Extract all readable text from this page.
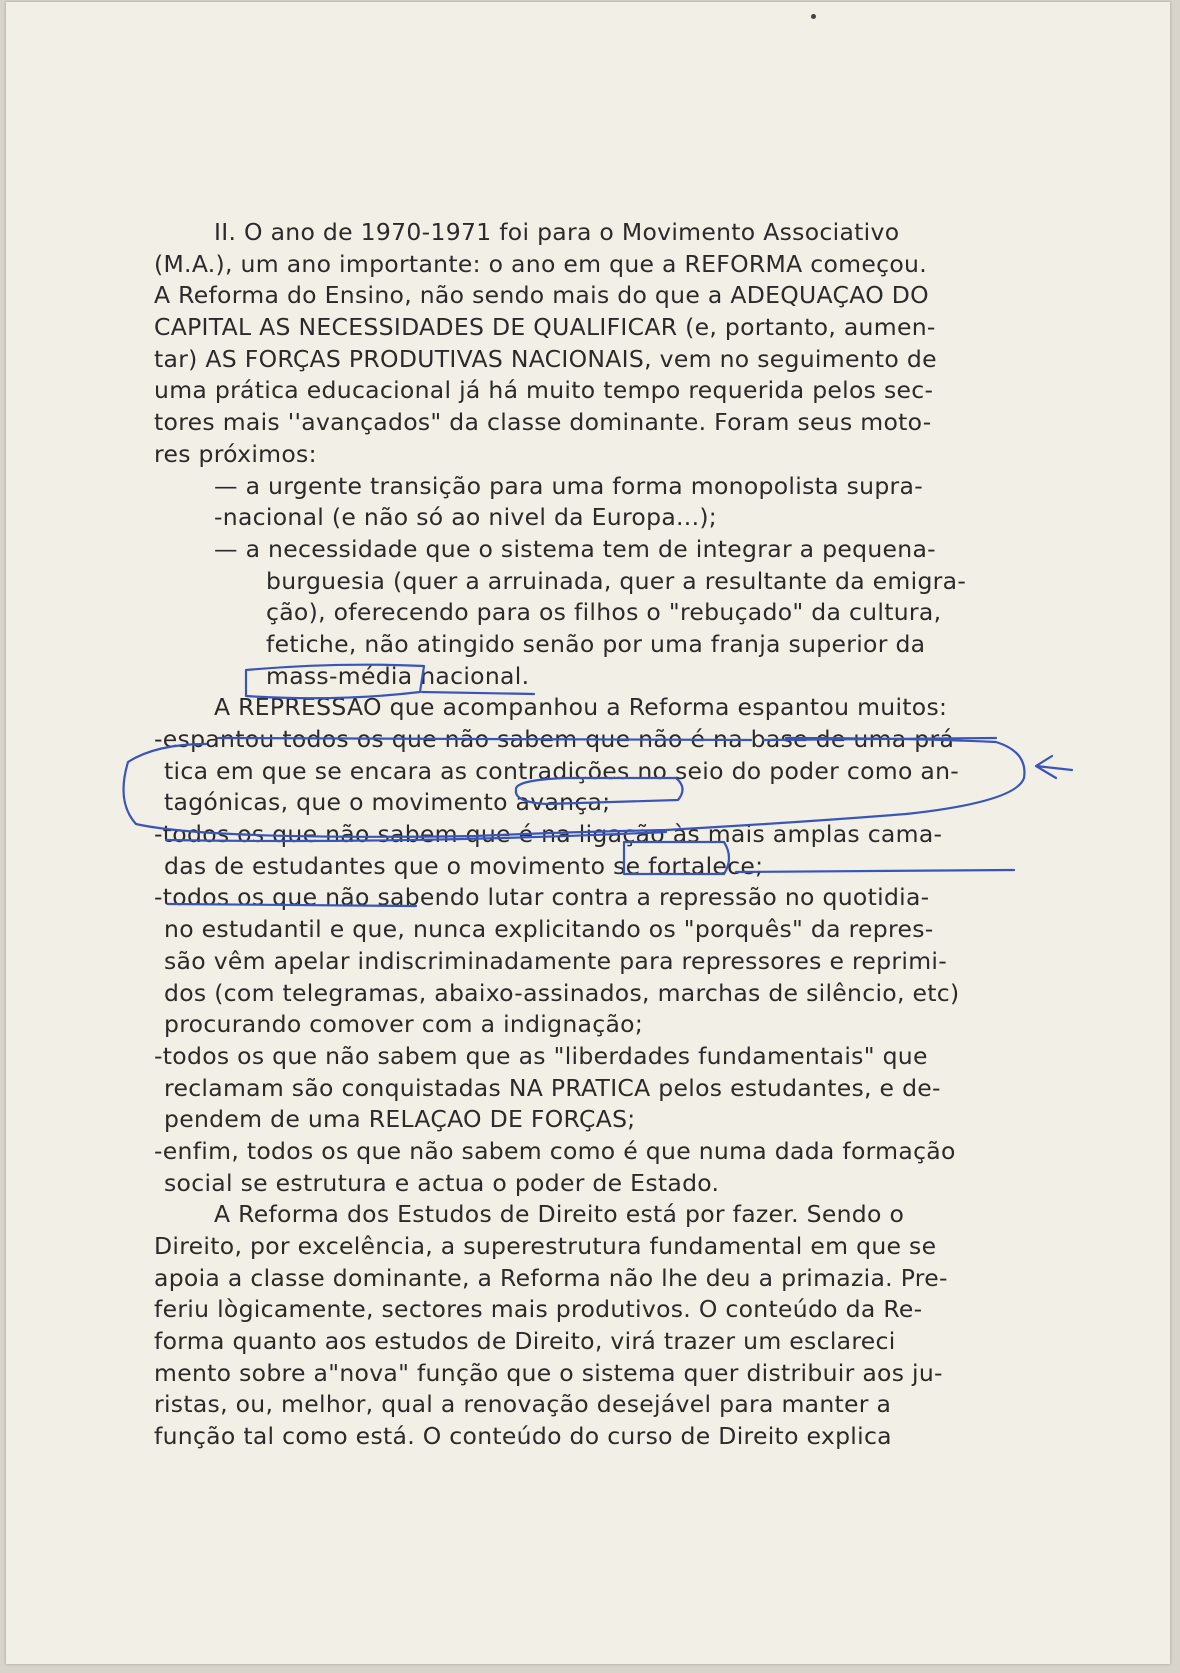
II. O ano de 1970-1971 foi para o Movimento Associativo
(M.A.), um ano importante: o ano em que a REFORMA começou.
A Reforma do Ensino, não sendo mais do que a ADEQUAÇAO DO
CAPITAL AS NECESSIDADES DE QUALIFICAR (e, portanto, aumen-
tar) AS FORÇAS PRODUTIVAS NACIONAIS, vem no seguimento de
uma prática educacional já há muito tempo requerida pelos sec-
tores mais ''avançados" da classe dominante. Foram seus moto-
res próximos:
— a urgente transição para uma forma monopolista supra-
-nacional (e não só ao nivel da Europa...);
— a necessidade que o sistema tem de integrar a pequena-
burguesia (quer a arruinada, quer a resultante da emigra-
ção), oferecendo para os filhos o "rebuçado" da cultura,
fetiche, não atingido senão por uma franja superior da
mass-média nacional.
A REPRESSAO que acompanhou a Reforma espantou muitos:
-espantou todos os que não sabem que não é na base de uma prá-
tica em que se encara as contradições no seio do poder como an-
tagónicas, que o movimento avança;
-todos os que não sabem que é na ligação às mais amplas cama-
das de estudantes que o movimento se fortalece;
-todos os que não sabendo lutar contra a repressão no quotidia-
no estudantil e que, nunca explicitando os "porquês" da repres-
são vêm apelar indiscriminadamente para repressores e reprimi-
dos (com telegramas, abaixo-assinados, marchas de silêncio, etc)
procurando comover com a indignação;
-todos os que não sabem que as "liberdades fundamentais" que
reclamam são conquistadas NA PRATICA pelos estudantes, e de-
pendem de uma RELAÇAO DE FORÇAS;
-enfim, todos os que não sabem como é que numa dada formação
social se estrutura e actua o poder de Estado.
A Reforma dos Estudos de Direito está por fazer. Sendo o
Direito, por excelência, a superestrutura fundamental em que se
apoia a classe dominante, a Reforma não lhe deu a primazia. Pre-
feriu lògicamente, sectores mais produtivos. O conteúdo da Re-
forma quanto aos estudos de Direito, virá trazer um esclareci
mento sobre a"nova" função que o sistema quer distribuir aos ju-
ristas, ou, melhor, qual a renovação desejável para manter a
função tal como está. O conteúdo do curso de Direito explica
